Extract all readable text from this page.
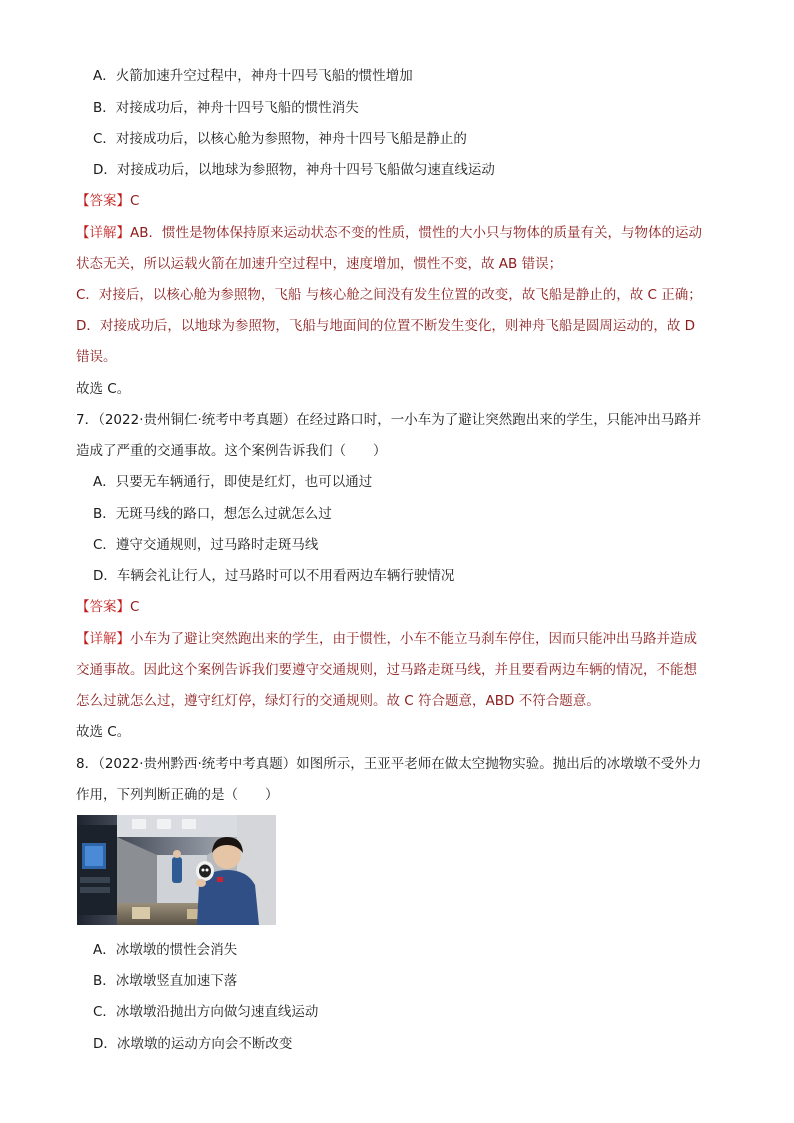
A．火箭加速升空过程中，神舟十四号飞船的惯性增加
B．对接成功后，神舟十四号飞船的惯性消失
C．对接成功后，以核心舱为参照物，神舟十四号飞船是静止的
D．对接成功后，以地球为参照物，神舟十四号飞船做匀速直线运动
【答案】C
【详解】AB．惯性是物体保持原来运动状态不变的性质，惯性的大小只与物体的质量有关，与物体的运动
状态无关，所以运载火箭在加速升空过程中，速度增加，惯性不变，故 AB 错误；
C．对接后，以核心舱为参照物，飞船 与核心舱之间没有发生位置的改变，故飞船是静止的，故 C 正确；
D．对接成功后，以地球为参照物，飞船与地面间的位置不断发生变化，则神舟飞船是圆周运动的，故 D
错误。
故选 C。
7．（2022·贵州铜仁·统考中考真题）在经过路口时，一小车为了避让突然跑出来的学生，只能冲出马路并
造成了严重的交通事故。这个案例告诉我们（　　）
A．只要无车辆通行，即使是红灯，也可以通过
B．无斑马线的路口，想怎么过就怎么过
C．遵守交通规则，过马路时走斑马线
D．车辆会礼让行人，过马路时可以不用看两边车辆行驶情况
【答案】C
【详解】小车为了避让突然跑出来的学生，由于惯性，小车不能立马刹车停住，因而只能冲出马路并造成
交通事故。因此这个案例告诉我们要遵守交通规则，过马路走斑马线，并且要看两边车辆的情况，不能想
怎么过就怎么过，遵守红灯停，绿灯行的交通规则。故 C 符合题意，ABD 不符合题意。
故选 C。
8．（2022·贵州黔西·统考中考真题）如图所示，王亚平老师在做太空抛物实验。抛出后的冰墩墩不受外力
作用，下列判断正确的是（　　）
A．冰墩墩的惯性会消失
B．冰墩墩竖直加速下落
C．冰墩墩沿抛出方向做匀速直线运动
D．冰墩墩的运动方向会不断改变
